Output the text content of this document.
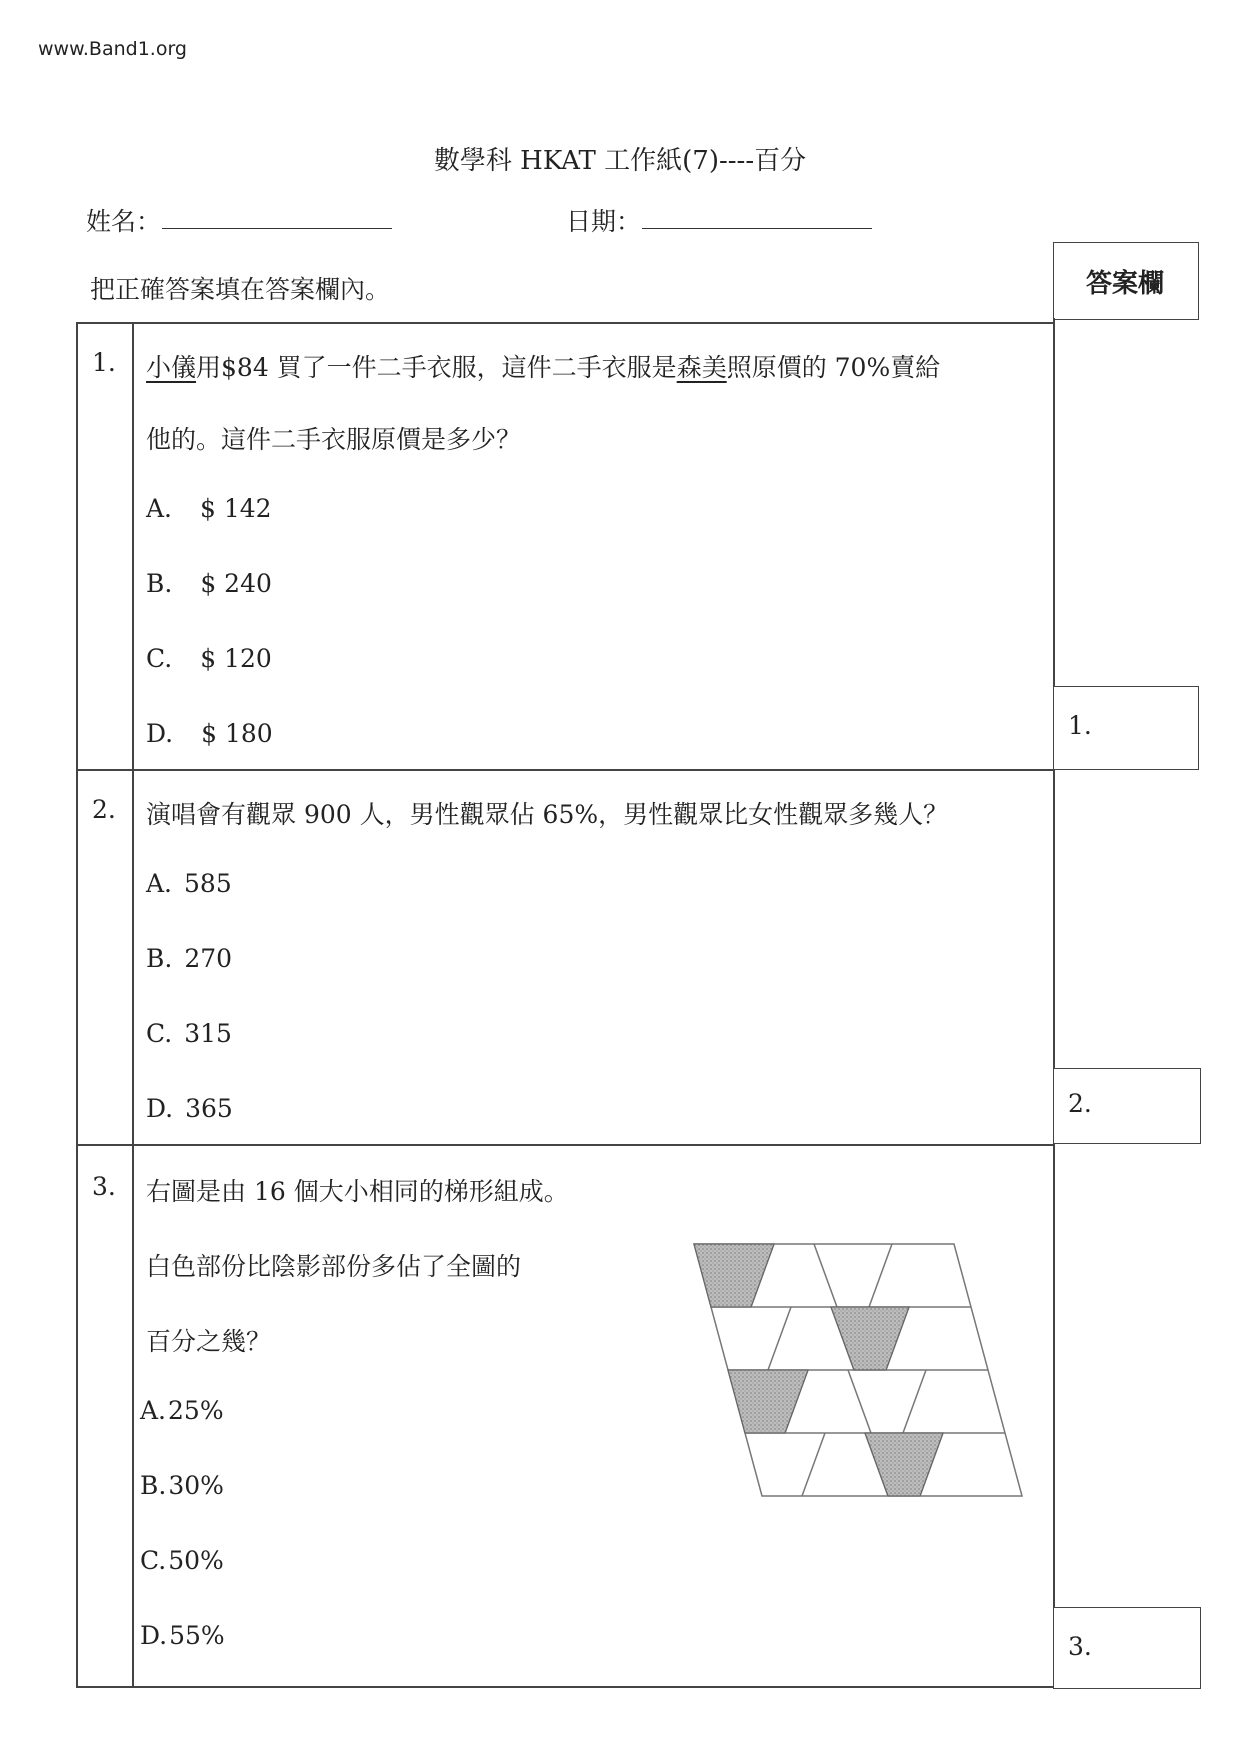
www.Band1.org
數學科 HKAT 工作紙(7)----百分
姓名：	日期：
把正確答案填在答案欄內。	答案欄
1. 小儀用$84 買了一件二手衣服，這件二手衣服是森美照原價的 70%賣給
他的。這件二手衣服原價是多少？
A. $ 142
B. $ 240
C. $ 120
D. $ 180	1.
2. 演唱會有觀眾 900 人，男性觀眾佔 65%，男性觀眾比女性觀眾多幾人？
A. 585
B. 270
C. 315
D. 365	2.
3. 右圖是由 16 個大小相同的梯形組成。
白色部份比陰影部份多佔了全圖的
百分之幾？
A.25%
B.30%
C.50%
D.55%	3.
